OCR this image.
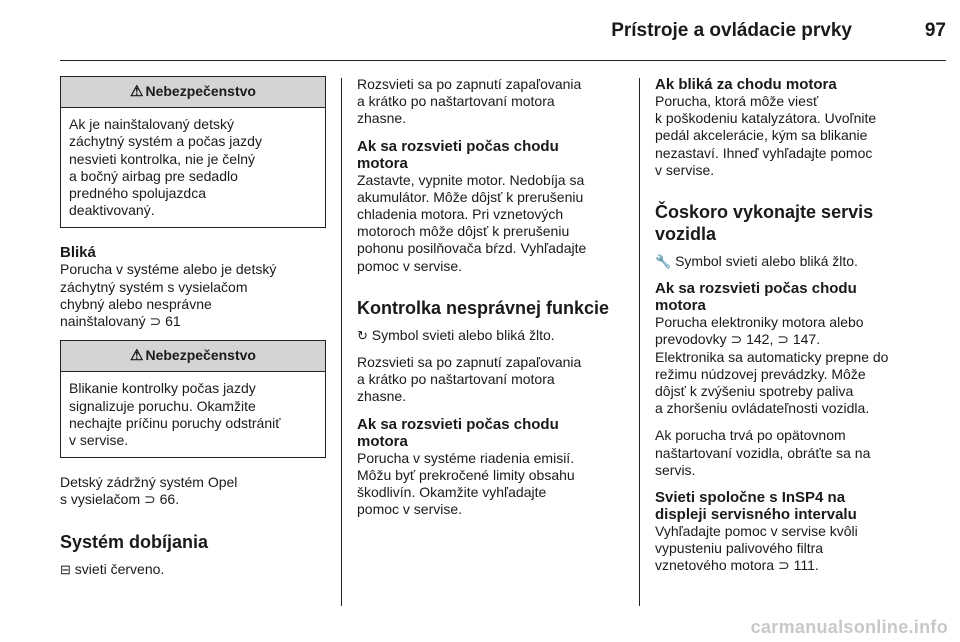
Prístroje a ovládacie prvky	97
⚠ Nebezpečenstvo

Ak je nainštalovaný detský

záchytný systém a počas jazdy

nesvieti kontrolka, nie je čelný

a bočný airbag pre sedadlo

predného spolujazdca

deaktivovaný.

Bliká

Porucha v systéme alebo je detský

záchytný systém s vysielačom

chybný alebo nesprávne

nainštalovaný ⊃ 61

⚠ Nebezpečenstvo

Blikanie kontrolky počas jazdy

signalizuje poruchu. Okamžite

nechajte príčinu poruchy odstrániť

v servise.

Detský zádržný systém Opel

s vysielačom ⊃ 66.

Systém dobíjania

⊟ svieti červeno.

Rozsvieti sa po zapnutí zapaľovania

a krátko po naštartovaní motora

zhasne.

Ak sa rozsvieti počas chodu

motora

Zastavte, vypnite motor. Nedobíja sa

akumulátor. Môže dôjsť k prerušeniu

chladenia motora. Pri vznetových

motoroch môže dôjsť k prerušeniu

pohonu posilňovača bŕzd. Vyhľadajte

pomoc v servise.

Kontrolka nesprávnej funkcie

↻ Symbol svieti alebo bliká žlto.

Rozsvieti sa po zapnutí zapaľovania

a krátko po naštartovaní motora

zhasne.

Ak sa rozsvieti počas chodu

motora

Porucha v systéme riadenia emisií.

Môžu byť prekročené limity obsahu

škodlivín. Okamžite vyhľadajte

pomoc v servise.

Ak bliká za chodu motora

Porucha, ktorá môže viesť

k poškodeniu katalyzátora. Uvoľnite

pedál akcelerácie, kým sa blikanie

nezastaví. Ihneď vyhľadajte pomoc

v servise.

Čoskoro vykonajte servis

vozidla

🔧 Symbol svieti alebo bliká žlto.

Ak sa rozsvieti počas chodu

motora

Porucha elektroniky motora alebo

prevodovky ⊃ 142, ⊃ 147.

Elektronika sa automaticky prepne do

režimu núdzovej prevádzky. Môže

dôjsť k zvýšeniu spotreby paliva

a zhoršeniu ovládateľnosti vozidla.

Ak porucha trvá po opätovnom

naštartovaní vozidla, obráťte sa na

servis.

Svieti spoločne s InSP4 na

displeji servisného intervalu

Vyhľadajte pomoc v servise kvôli

vypusteniu palivového filtra

vznetového motora ⊃ 111.

carmanualsonline.info
